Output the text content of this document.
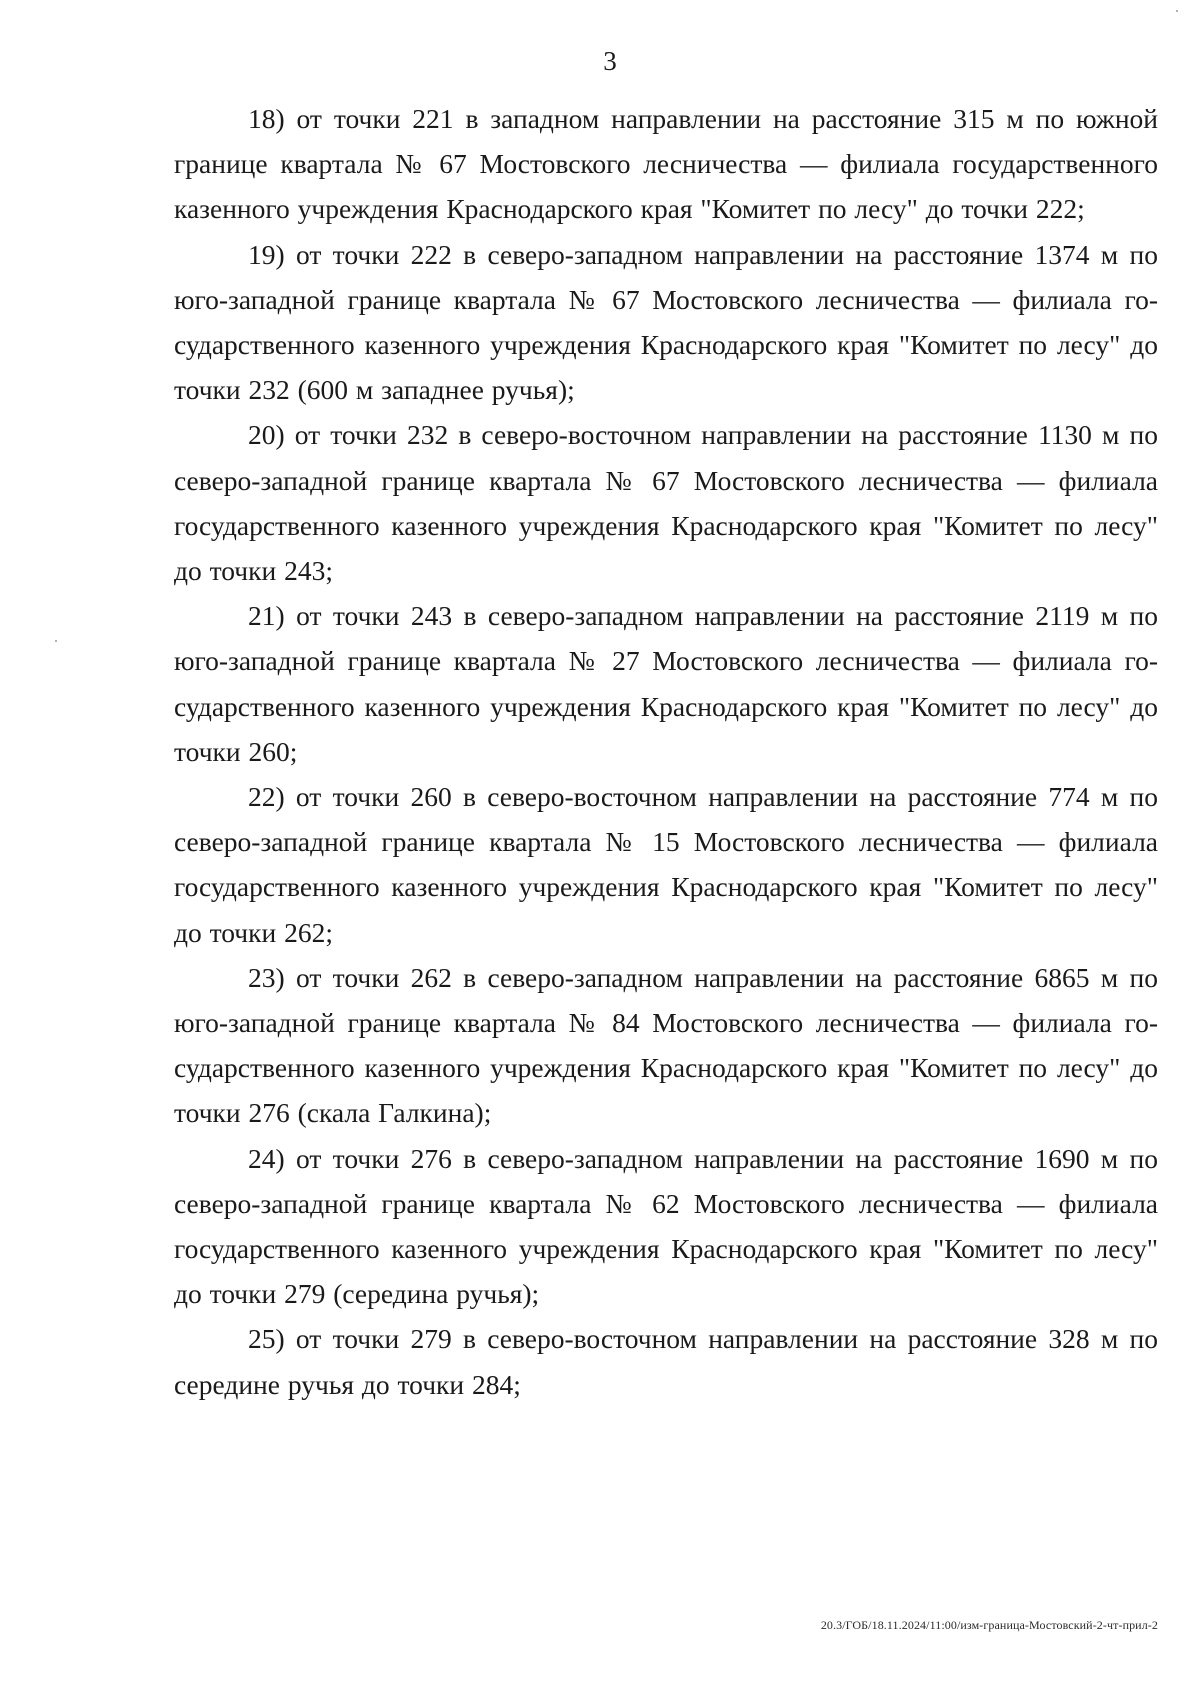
3

18) от точки 221 в западном направлении на расстояние 315 м по южной границе квартала № 67 Мостовского лесничества — филиала государственного казенного учреждения Краснодарского края "Комитет по лесу" до точки 222;

19) от точки 222 в северо-западном направлении на расстояние 1374 м по юго-западной границе квартала № 67 Мостовского лесничества — филиала государственного казенного учреждения Краснодарского края "Комитет по лесу" до точки 232 (600 м западнее ручья);

20) от точки 232 в северо-восточном направлении на расстояние 1130 м по северо-западной границе квартала № 67 Мостовского лесничества — филиала государственного казенного учреждения Краснодарского края "Комитет по лесу" до точки 243;

21) от точки 243 в северо-западном направлении на расстояние 2119 м по юго-западной границе квартала № 27 Мостовского лесничества — филиала государственного казенного учреждения Краснодарского края "Комитет по лесу" до точки 260;

22) от точки 260 в северо-восточном направлении на расстояние 774 м по северо-западной границе квартала № 15 Мостовского лесничества — филиала государственного казенного учреждения Краснодарского края "Комитет по лесу" до точки 262;

23) от точки 262 в северо-западном направлении на расстояние 6865 м по юго-западной границе квартала № 84 Мостовского лесничества — филиала государственного казенного учреждения Краснодарского края "Комитет по лесу" до точки 276 (скала Галкина);

24) от точки 276 в северо-западном направлении на расстояние 1690 м по северо-западной границе квартала № 62 Мостовского лесничества — филиала государственного казенного учреждения Краснодарского края "Комитет по лесу" до точки 279 (середина ручья);

25) от точки 279 в северо-восточном направлении на расстояние 328 м по середине ручья до точки 284;

20.3/ГОБ/18.11.2024/11:00/изм-граница-Мостовский-2-чт-прил-2
